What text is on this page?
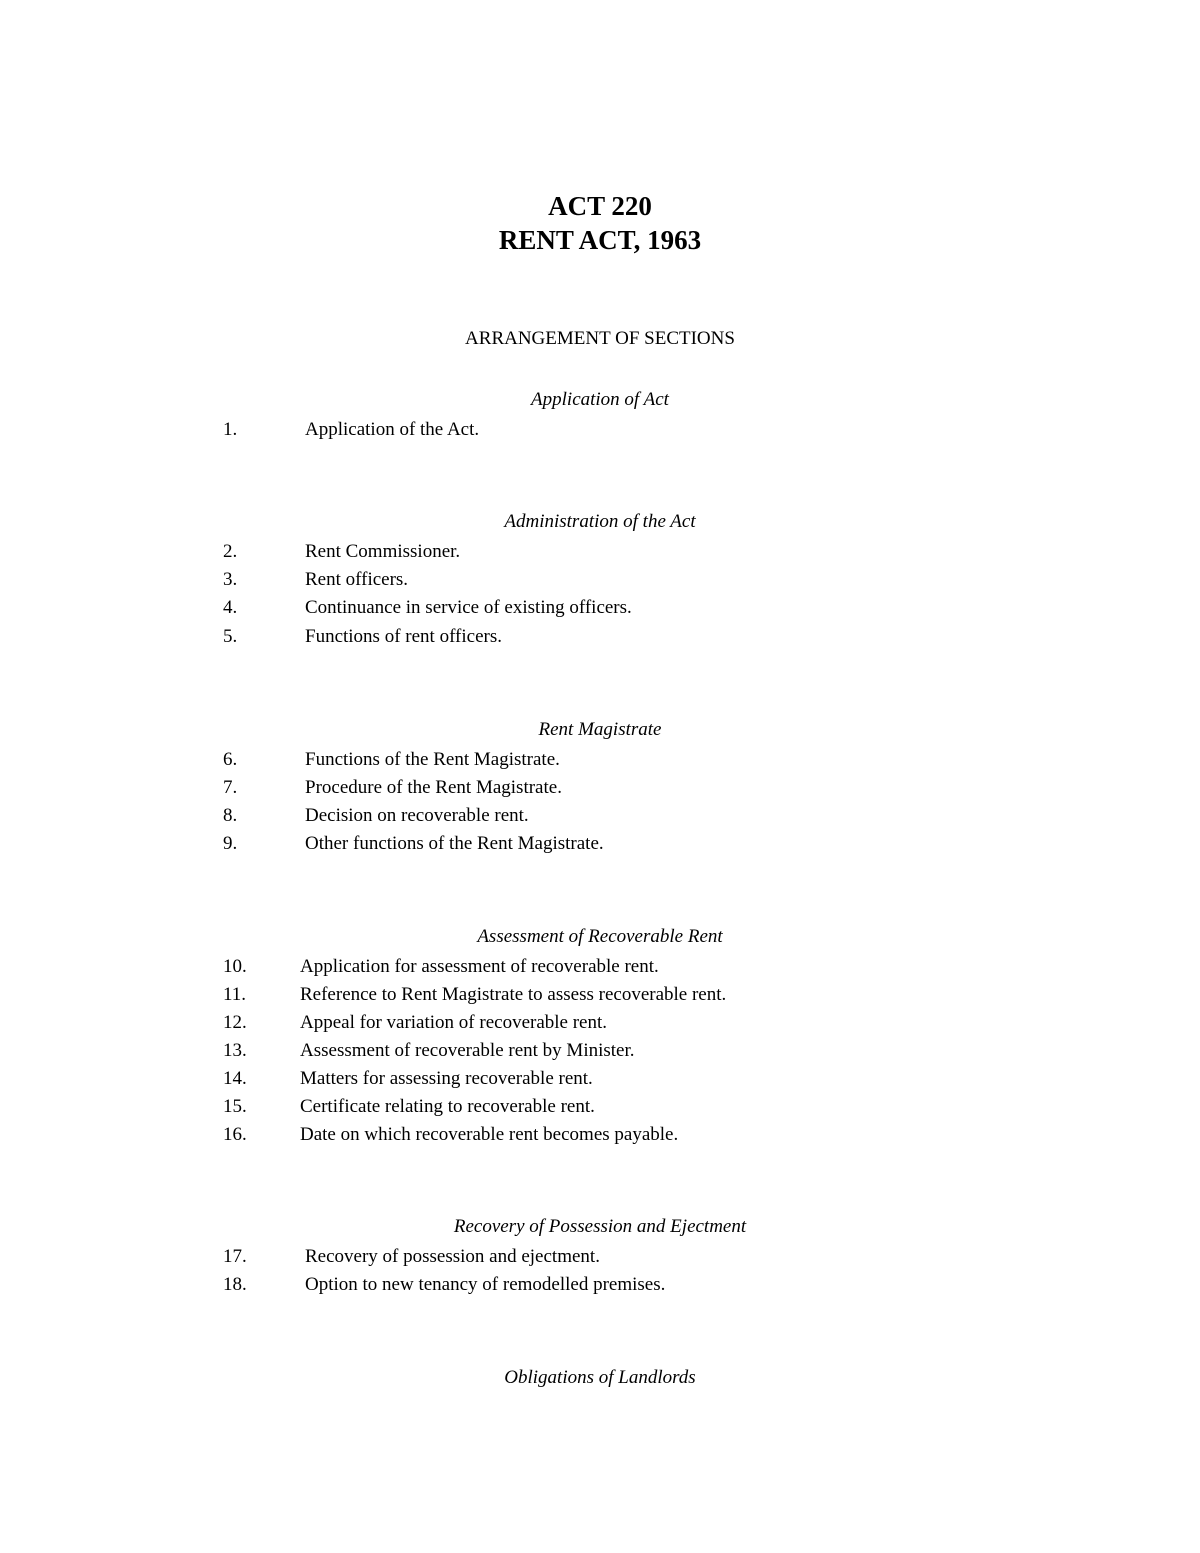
ACT 220
RENT ACT, 1963
ARRANGEMENT OF SECTIONS
Application of Act
1.	Application of the Act.
Administration of the Act
2.	Rent Commissioner.
3.	Rent officers.
4.	Continuance in service of existing officers.
5.	Functions of rent officers.
Rent Magistrate
6.	Functions of the Rent Magistrate.
7.	Procedure of the Rent Magistrate.
8.	Decision on recoverable rent.
9.	Other functions of the Rent Magistrate.
Assessment of Recoverable Rent
10.	Application for assessment of recoverable rent.
11.	Reference to Rent Magistrate to assess recoverable rent.
12.	Appeal for variation of recoverable rent.
13.	Assessment of recoverable rent by Minister.
14.	Matters for assessing recoverable rent.
15.	Certificate relating to recoverable rent.
16.	Date on which recoverable rent becomes payable.
Recovery of Possession and Ejectment
17.	Recovery of possession and ejectment.
18.	Option to new tenancy of remodelled premises.
Obligations of Landlords
